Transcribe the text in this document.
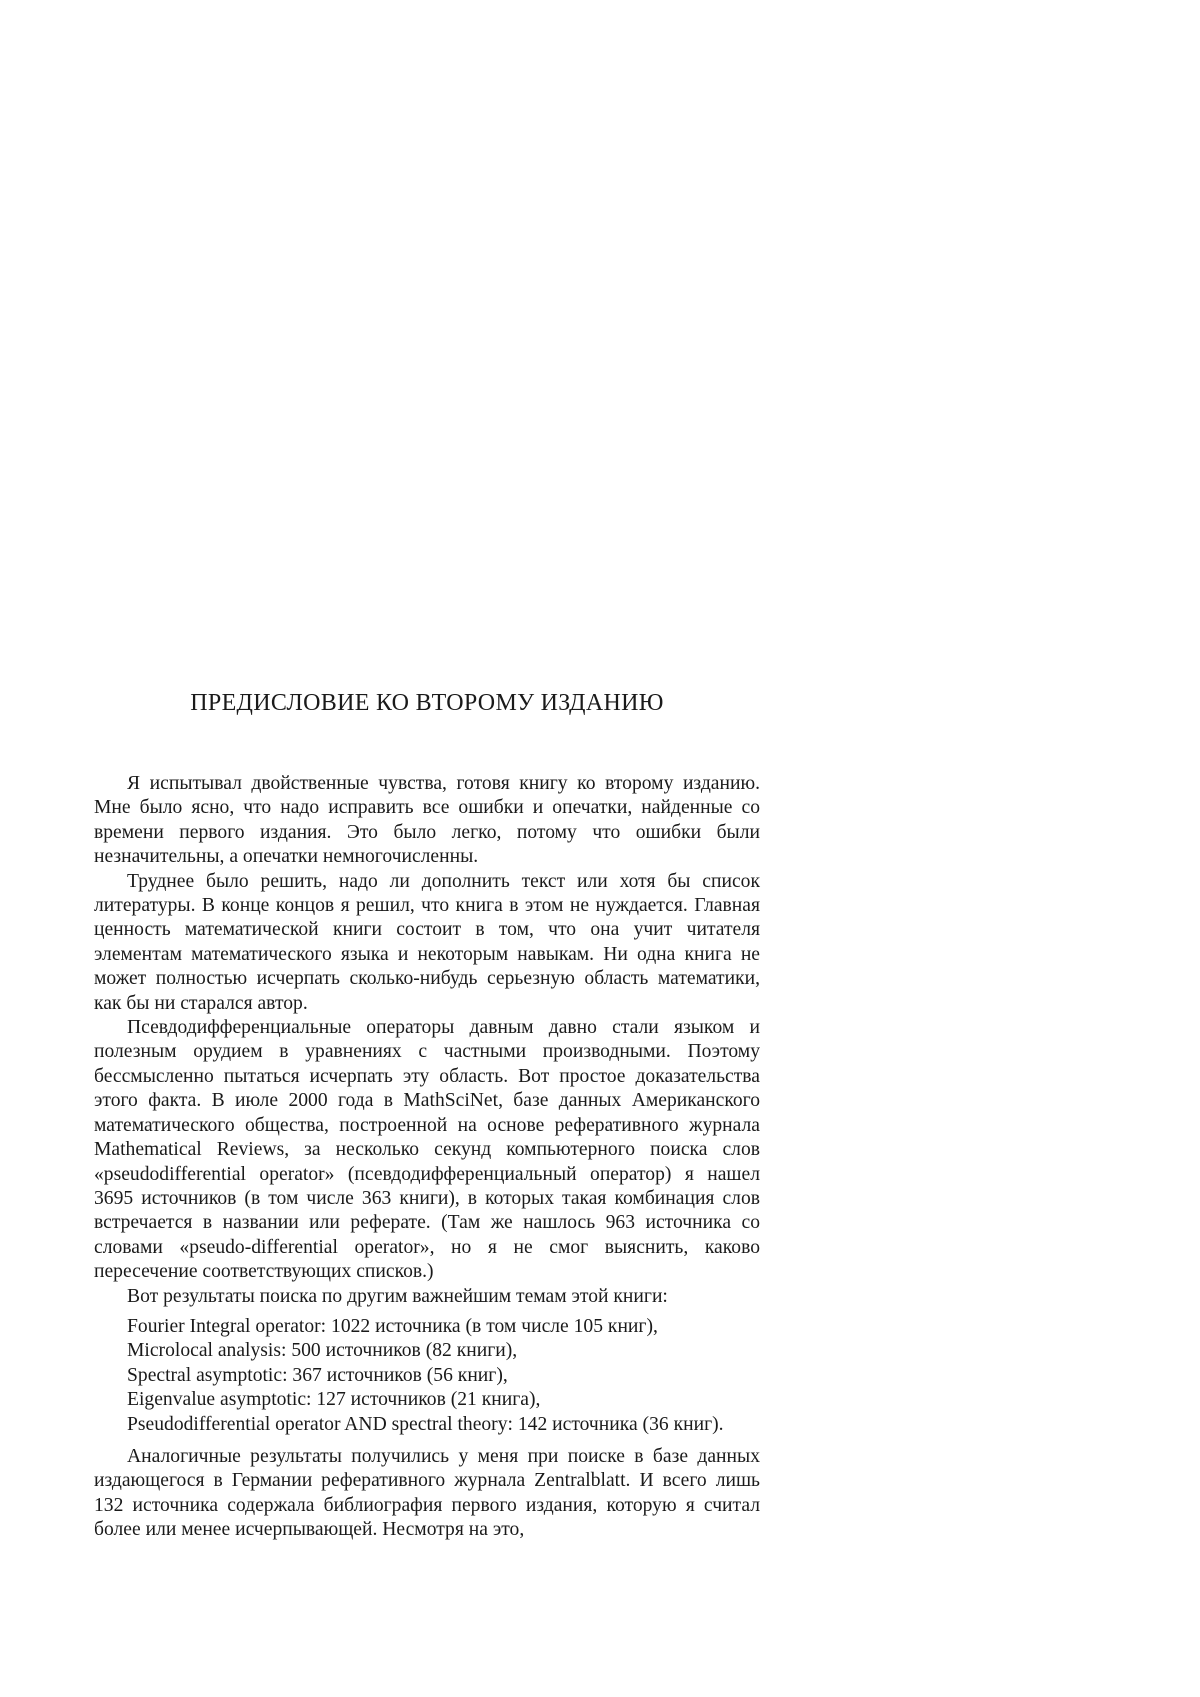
ПРЕДИСЛОВИЕ КО ВТОРОМУ ИЗДАНИЮ

Я испытывал двойственные чувства, готовя книгу ко второму изданию. Мне было ясно, что надо исправить все ошибки и опечатки, найденные со времени первого издания. Это было легко, потому что ошибки были незначительны, а опечатки немногочисленны.

Труднее было решить, надо ли дополнить текст или хотя бы список литературы. В конце концов я решил, что книга в этом не нуждается. Главная ценность математической книги состоит в том, что она учит читателя элементам математического языка и некоторым навыкам. Ни одна книга не может полностью исчерпать сколько-нибудь серьезную область математики, как бы ни старался автор.

Псевдодифференциальные операторы давным давно стали языком и полезным орудием в уравнениях с частными производными. Поэтому бессмысленно пытаться исчерпать эту область. Вот простое доказательства этого факта. В июле 2000 года в MathSciNet, базе данных Американского математического общества, построенной на основе реферативного журнала Mathematical Reviews, за несколько секунд компьютерного поиска слов «pseudodifferential operator» (псевдодифференциальный оператор) я нашел 3695 источников (в том числе 363 книги), в которых такая комбинация слов встречается в названии или реферате. (Там же нашлось 963 источника со словами «pseudo-differential operator», но я не смог выяснить, каково пересечение соответствующих списков.)

Вот результаты поиска по другим важнейшим темам этой книги:

Fourier Integral operator: 1022 источника (в том числе 105 книг),
Microlocal analysis: 500 источников (82 книги),
Spectral asymptotic: 367 источников (56 книг),
Eigenvalue asymptotic: 127 источников (21 книга),
Pseudodifferential operator AND spectral theory: 142 источника (36 книг).

Аналогичные результаты получились у меня при поиске в базе данных издающегося в Германии реферативного журнала Zentralblatt. И всего лишь 132 источника содержала библиография первого издания, которую я считал более или менее исчерпывающей. Несмотря на это,
